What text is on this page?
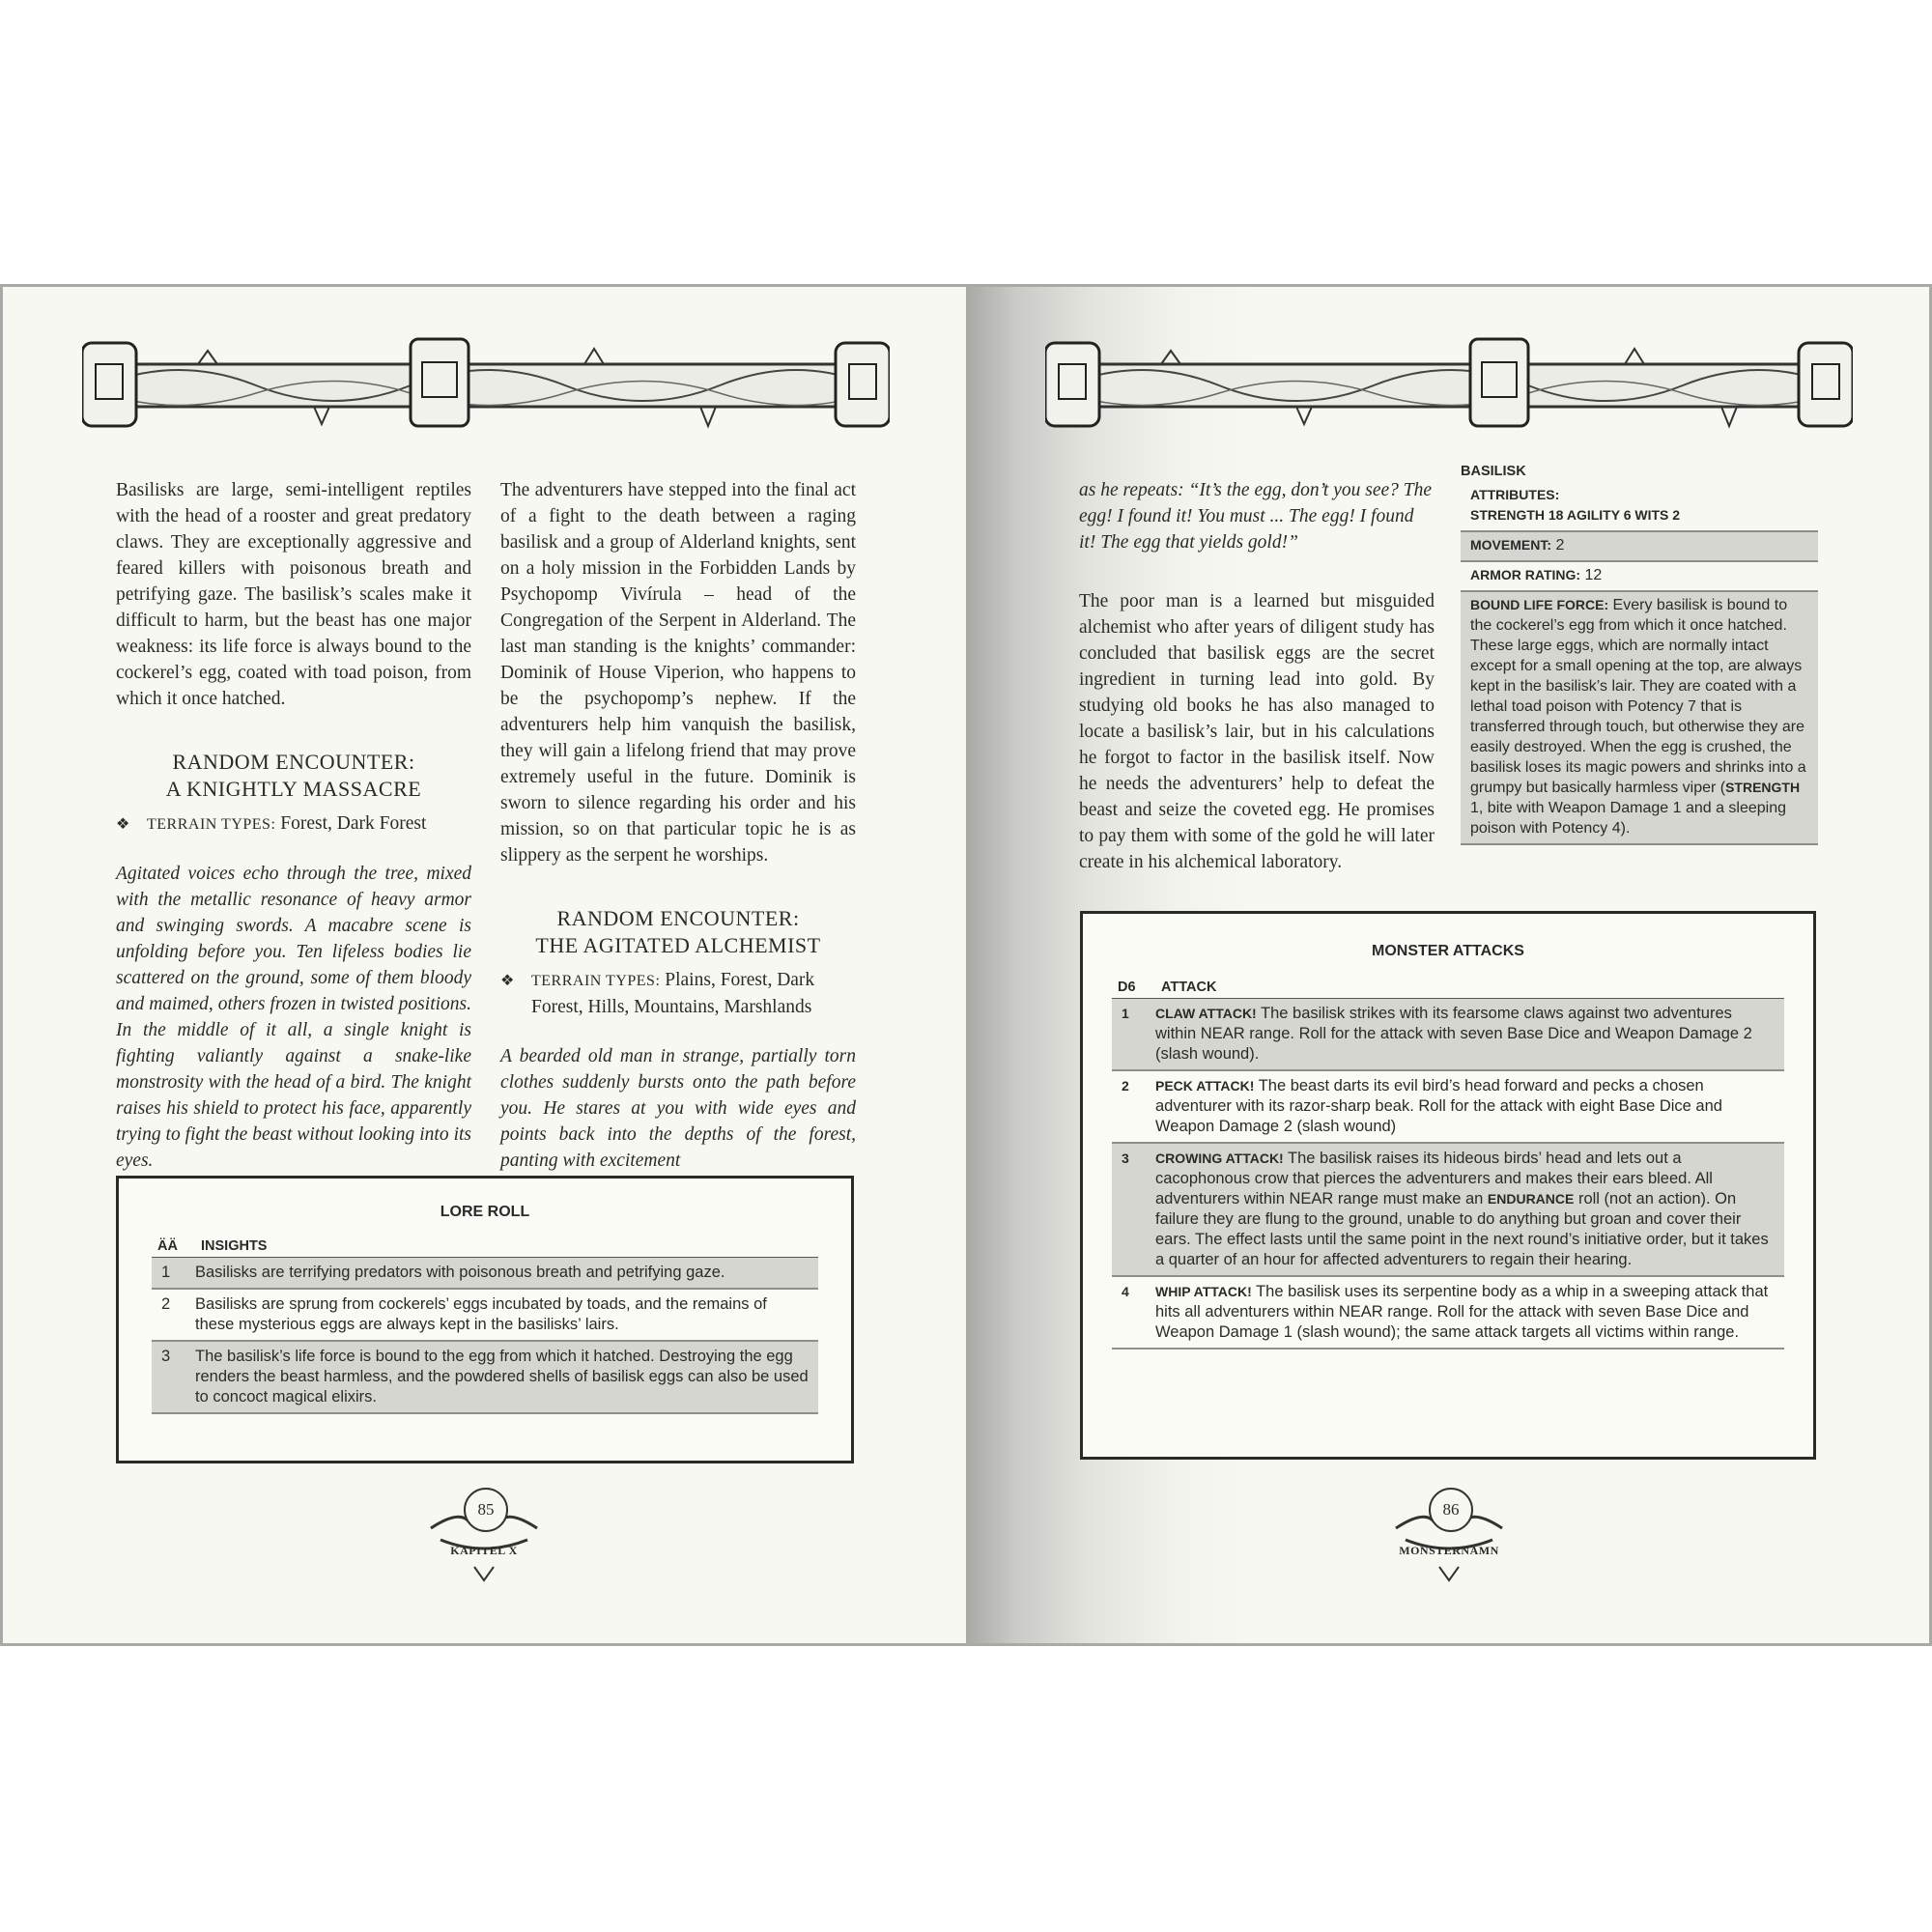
Basilisks are large, semi-intelligent reptiles with the head of a rooster and great predatory claws. They are exceptionally aggressive and feared killers with poisonous breath and petrifying gaze. The basilisk’s scales make it difficult to harm, but the beast has one major weakness: its life force is always bound to the cockerel’s egg, coated with toad poison, from which it once hatched.

RANDOM ENCOUNTER:
A KNIGHTLY MASSACRE
❖ TERRAIN TYPES: Forest, Dark Forest

Agitated voices echo through the tree, mixed with the metallic resonance of heavy armor and swinging swords. A macabre scene is unfolding before you. Ten lifeless bodies lie scattered on the ground, some of them bloody and maimed, others frozen in twisted positions. In the middle of it all, a single knight is fighting valiantly against a snake-like monstrosity with the head of a bird. The knight raises his shield to protect his face, apparently trying to fight the beast without looking into its eyes.

The adventurers have stepped into the final act of a fight to the death between a raging basilisk and a group of Alderland knights, sent on a holy mission in the Forbidden Lands by Psychopomp Vivírula – head of the Congregation of the Serpent in Alderland. The last man standing is the knights’ commander: Dominik of House Viperion, who happens to be the psychopomp’s nephew. If the adventurers help him vanquish the basilisk, they will gain a lifelong friend that may prove extremely useful in the future. Dominik is sworn to silence regarding his order and his mission, so on that particular topic he is as slippery as the serpent he worships.

RANDOM ENCOUNTER:
THE AGITATED ALCHEMIST
❖ TERRAIN TYPES: Plains, Forest, Dark Forest, Hills, Mountains, Marshlands

A bearded old man in strange, partially torn clothes suddenly bursts onto the path before you. He stares at you with wide eyes and points back into the depths of the forest, panting with excitement

LORE ROLL
ÄÄ	INSIGHTS
1	Basilisks are terrifying predators with poisonous breath and petrifying gaze.
2	Basilisks are sprung from cockerels’ eggs incubated by toads, and the remains of these mysterious eggs are always kept in the basilisks’ lairs.
3	The basilisk’s life force is bound to the egg from which it hatched. Destroying the egg renders the beast harmless, and the powdered shells of basilisk eggs can also be used to concoct magical elixirs.
85
KAPITEL X

as he repeats: “It’s the egg, don’t you see? The egg! I found it! You must ... The egg! I found it! The egg that yields gold!”

The poor man is a learned but misguided alchemist who after years of diligent study has concluded that basilisk eggs are the secret ingredient in turning lead into gold. By studying old books he has also managed to locate a basilisk’s lair, but in his calculations he forgot to factor in the basilisk itself. Now he needs the adventurers’ help to defeat the beast and seize the coveted egg. He promises to pay them with some of the gold he will later create in his alchemical laboratory.

MONSTER ATTACKS
D6	ATTACK
1	CLAW ATTACK! The basilisk strikes with its fearsome claws against two adventures within NEAR range. Roll for the attack with seven Base Dice and Weapon Damage 2 (slash wound).
2	PECK ATTACK! The beast darts its evil bird’s head forward and pecks a chosen adventurer with its razor-sharp beak. Roll for the attack with eight Base Dice and Weapon Damage 2 (slash wound)
3	CROWING ATTACK! The basilisk raises its hideous birds’ head and lets out a cacophonous crow that pierces the adventurers and makes their ears bleed. All adventurers within NEAR range must make an ENDURANCE roll (not an action). On failure they are flung to the ground, unable to do anything but groan and cover their ears. The effect lasts until the same point in the next round’s initiative order, but it takes a quarter of an hour for affected adventurers to regain their hearing.
4	WHIP ATTACK! The basilisk uses its serpentine body as a whip in a sweeping attack that hits all adventurers within NEAR range. Roll for the attack with seven Base Dice and Weapon Damage 1 (slash wound); the same attack targets all victims within range.
86
MONSTERNAMN
BASILISK
ATTRIBUTES:
STRENGTH 18 AGILITY 6 WITS 2
MOVEMENT: 2
ARMOR RATING: 12
BOUND LIFE FORCE: Every basilisk is bound to the cockerel’s egg from which it once hatched. These large eggs, which are normally intact except for a small opening at the top, are always kept in the basilisk’s lair. They are coated with a lethal toad poison with Potency 7 that is transferred through touch, but otherwise they are easily destroyed. When the egg is crushed, the basilisk loses its magic powers and shrinks into a grumpy but basically harmless viper (STRENGTH 1, bite with Weapon Damage 1 and a sleeping poison with Potency 4).
